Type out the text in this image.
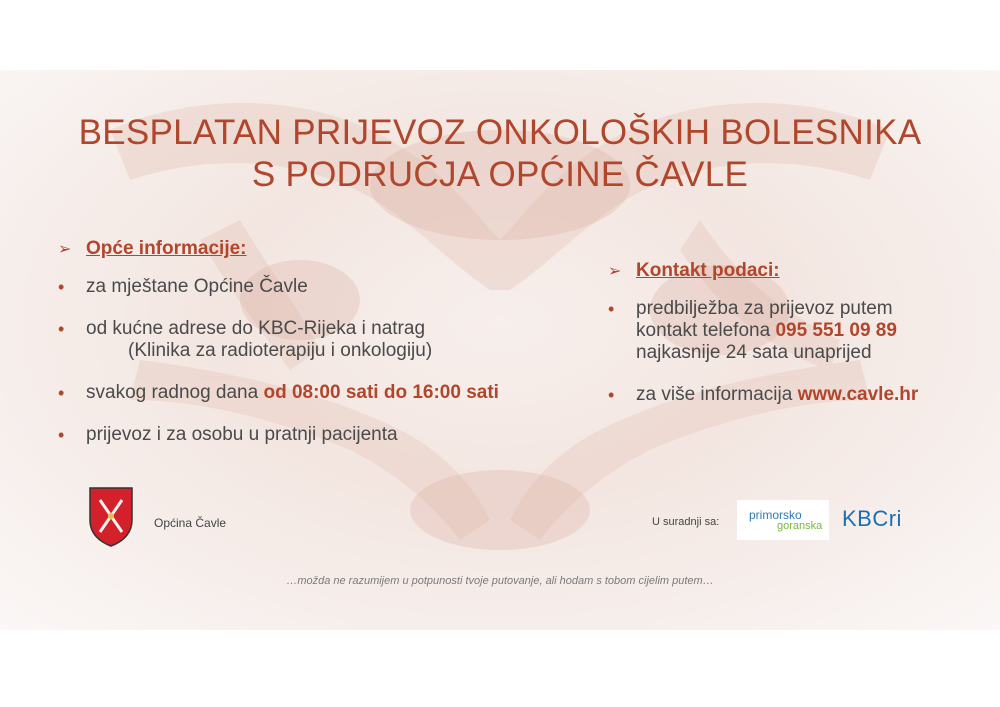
BESPLATAN PRIJEVOZ ONKOLOŠKIH BOLESNIKA
S PODRUČJA OPĆINE ČAVLE
➢ Opće informacije:
•	za mještane Općine Čavle
•	od kućne adrese do KBC-Rijeka i natrag
(Klinika za radioterapiju i onkologiju)
•	svakog radnog dana od 08:00 sati do 16:00 sati
•	prijevoz i za osobu u pratnji pacijenta
➢ Kontakt podaci:
•	predbilježba za prijevoz putem
kontakt telefona 095 551 09 89
najkasnije 24 sata unaprijed
•	za više informacija www.cavle.hr
Općina Čavle	U suradnji sa: primorsko
goranska KBCri
…možda ne razumijem u potpunosti tvoje putovanje, ali hodam s tobom cijelim putem…
